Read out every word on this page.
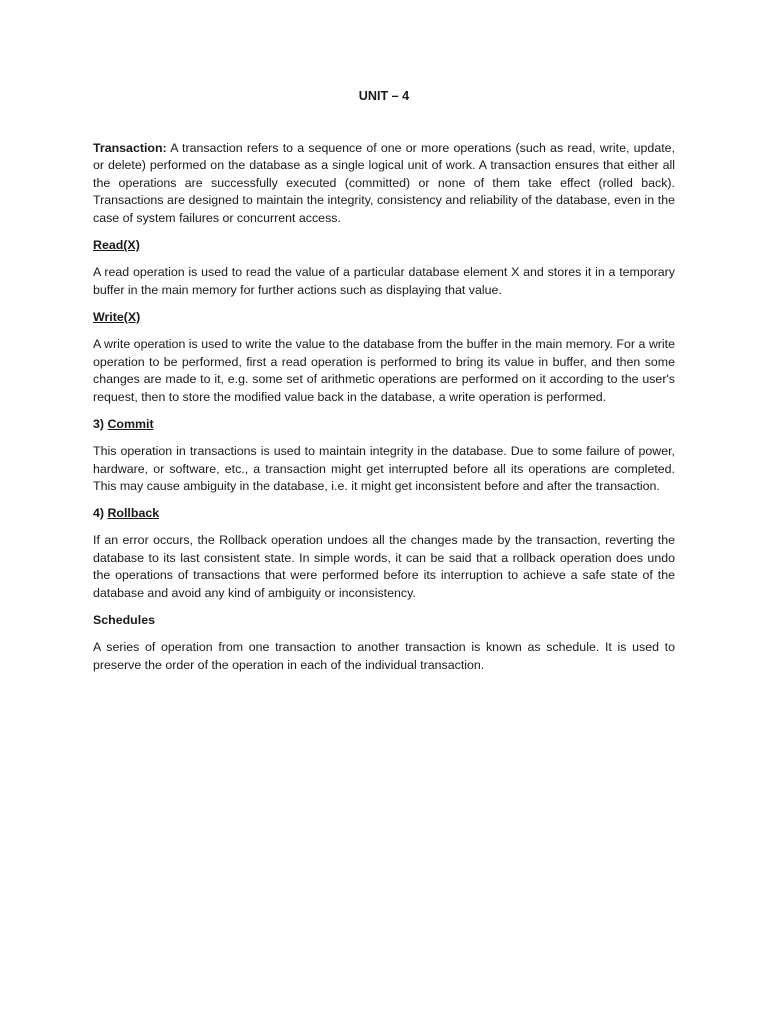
UNIT – 4

Transaction: A transaction refers to a sequence of one or more operations (such as read, write, update, or delete) performed on the database as a single logical unit of work. A transaction ensures that either all the operations are successfully executed (committed) or none of them take effect (rolled back). Transactions are designed to maintain the integrity, consistency and reliability of the database, even in the case of system failures or concurrent access.

Read(X)

A read operation is used to read the value of a particular database element X and stores it in a temporary buffer in the main memory for further actions such as displaying that value.

Write(X)

A write operation is used to write the value to the database from the buffer in the main memory. For a write operation to be performed, first a read operation is performed to bring its value in buffer, and then some changes are made to it, e.g. some set of arithmetic operations are performed on it according to the user's request, then to store the modified value back in the database, a write operation is performed.

3) Commit

This operation in transactions is used to maintain integrity in the database. Due to some failure of power, hardware, or software, etc., a transaction might get interrupted before all its operations are completed. This may cause ambiguity in the database, i.e. it might get inconsistent before and after the transaction.

4) Rollback

If an error occurs, the Rollback operation undoes all the changes made by the transaction, reverting the database to its last consistent state. In simple words, it can be said that a rollback operation does undo the operations of transactions that were performed before its interruption to achieve a safe state of the database and avoid any kind of ambiguity or inconsistency.

Schedules

A series of operation from one transaction to another transaction is known as schedule. It is used to preserve the order of the operation in each of the individual transaction.
